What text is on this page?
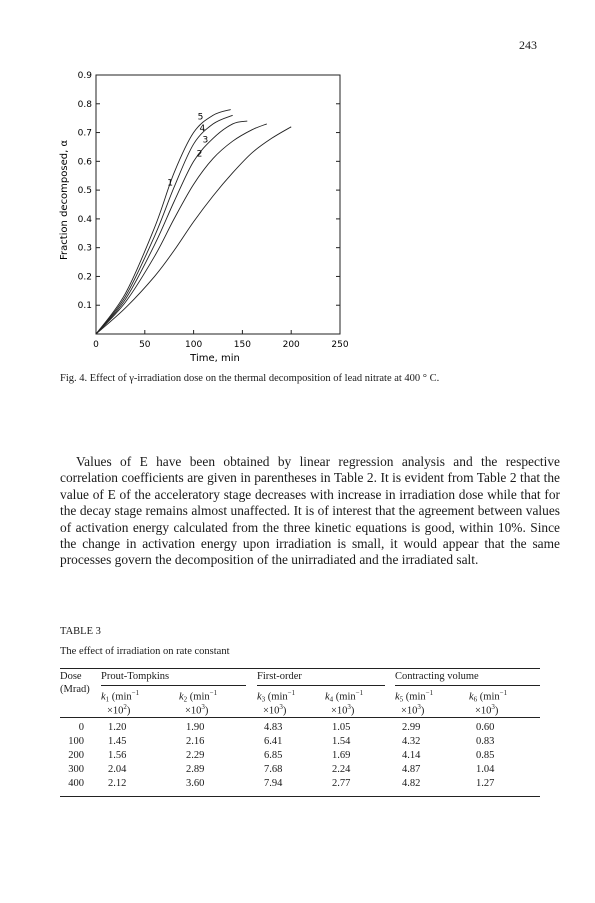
243
0	50	100	150	200	250
0.1
0.2
0.3
0.4
0.5
0.6
0.7
0.8
0.9
1
2
3
4
5
Time, min
Fraction decomposed, α
Fig. 4. Effect of γ-irradiation dose on the thermal decomposition of lead nitrate at 400 ° C.

Values of E have been obtained by linear regression analysis and the respective correlation coefficients are given in parentheses in Table 2. It is evident from Table 2 that the value of E of the acceleratory stage decreases with increase in irradiation dose while that for the decay stage remains almost unaffected. It is of interest that the agreement between values of activation energy calculated from the three kinetic equations is good, within 10%. Since the change in activation energy upon irradiation is small, it would appear that the same processes govern the decomposition of the unirradiated and the irradiated salt.

TABLE 3
The effect of irradiation on rate constant
Dose
(Mrad)
Prout-Tompkins	First-order	Contracting volume
$k_1$ ($\min^{-1}$
$\times 10^2$)
$k_2$ ($\min^{-1}$
$\times 10^3$)
$k_3$ ($\min^{-1}$
$\times 10^3$)
$k_4$ ($\min^{-1}$
$\times 10^3$)
$k_5$ ($\min^{-1}$
$\times 10^3$)
$k_6$ ($\min^{-1}$
$\times 10^3$)
0 1.20	1.90	4.83	1.05	2.99	0.60
100 1.45	2.16	6.41	1.54	4.32	0.83
200 1.56	2.29	6.85	1.69	4.14	0.85
300 2.04	2.89	7.68	2.24	4.87	1.04
400 2.12	3.60	7.94	2.77	4.82	1.27
